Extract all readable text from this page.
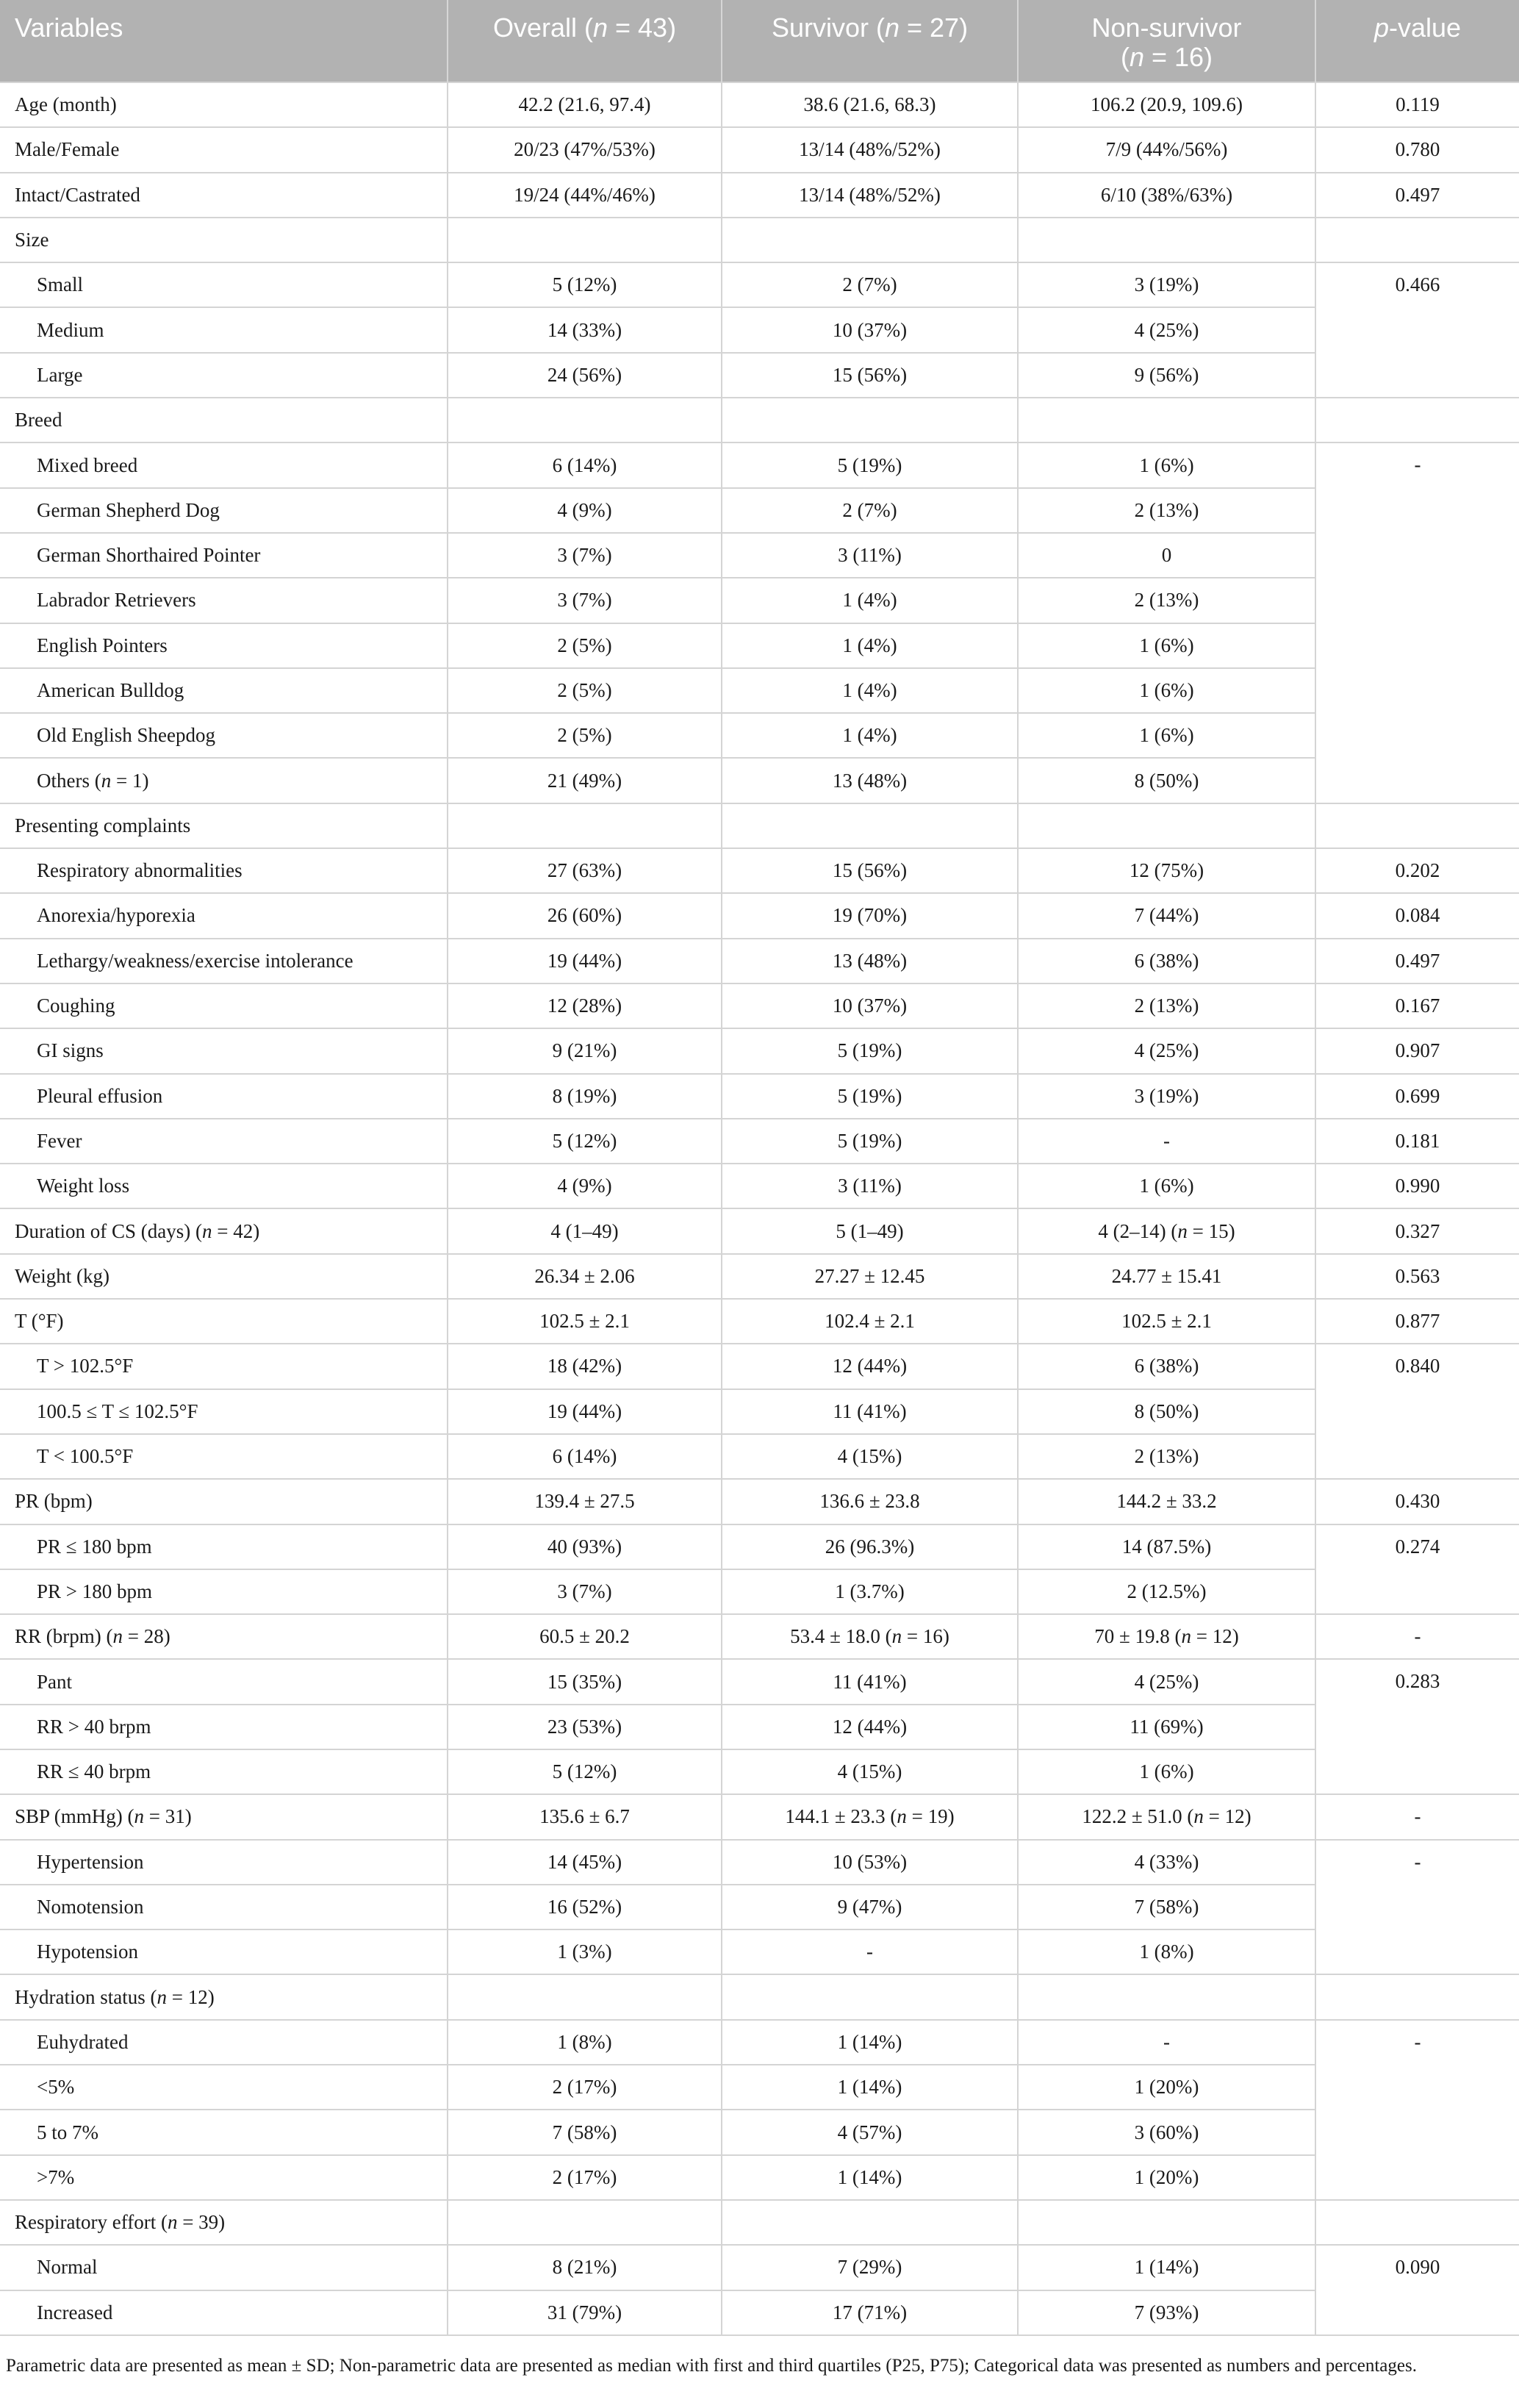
Variables	Overall (n = 43)	Survivor (n = 27)	Non-survivor
(n = 16)	p-value
Age (month)	42.2 (21.6, 97.4)	38.6 (21.6, 68.3)	106.2 (20.9, 109.6)	0.119
Male/Female	20/23 (47%/53%)	13/14 (48%/52%)	7/9 (44%/56%)	0.780
Intact/Castrated	19/24 (44%/46%)	13/14 (48%/52%)	6/10 (38%/63%)	0.497
Size				
Small	5 (12%)	2 (7%)	3 (19%)	0.466
Medium	14 (33%)	10 (37%)	4 (25%)	
Large	24 (56%)	15 (56%)	9 (56%)	
Breed				
Mixed breed	6 (14%)	5 (19%)	1 (6%)	-
German Shepherd Dog	4 (9%)	2 (7%)	2 (13%)	
German Shorthaired Pointer	3 (7%)	3 (11%)	0	
Labrador Retrievers	3 (7%)	1 (4%)	2 (13%)	
English Pointers	2 (5%)	1 (4%)	1 (6%)	
American Bulldog	2 (5%)	1 (4%)	1 (6%)	
Old English Sheepdog	2 (5%)	1 (4%)	1 (6%)	
Others (n = 1)	21 (49%)	13 (48%)	8 (50%)	
Presenting complaints				
Respiratory abnormalities	27 (63%)	15 (56%)	12 (75%)	0.202
Anorexia/hyporexia	26 (60%)	19 (70%)	7 (44%)	0.084
Lethargy/weakness/exercise intolerance	19 (44%)	13 (48%)	6 (38%)	0.497
Coughing	12 (28%)	10 (37%)	2 (13%)	0.167
GI signs	9 (21%)	5 (19%)	4 (25%)	0.907
Pleural effusion	8 (19%)	5 (19%)	3 (19%)	0.699
Fever	5 (12%)	5 (19%)	-	0.181
Weight loss	4 (9%)	3 (11%)	1 (6%)	0.990
Duration of CS (days) (n = 42)	4 (1–49)	5 (1–49)	4 (2–14) (n = 15)	0.327
Weight (kg)	26.34 ± 2.06	27.27 ± 12.45	24.77 ± 15.41	0.563
T (°F)	102.5 ± 2.1	102.4 ± 2.1	102.5 ± 2.1	0.877
T > 102.5°F	18 (42%)	12 (44%)	6 (38%)	0.840
100.5 ≤ T ≤ 102.5°F	19 (44%)	11 (41%)	8 (50%)	
T < 100.5°F	6 (14%)	4 (15%)	2 (13%)	
PR (bpm)	139.4 ± 27.5	136.6 ± 23.8	144.2 ± 33.2	0.430
PR ≤ 180 bpm	40 (93%)	26 (96.3%)	14 (87.5%)	0.274
PR > 180 bpm	3 (7%)	1 (3.7%)	2 (12.5%)	
RR (brpm) (n = 28)	60.5 ± 20.2	53.4 ± 18.0 (n = 16)	70 ± 19.8 (n = 12)	-
Pant	15 (35%)	11 (41%)	4 (25%)	0.283
RR > 40 brpm	23 (53%)	12 (44%)	11 (69%)	
RR ≤ 40 brpm	5 (12%)	4 (15%)	1 (6%)	
SBP (mmHg) (n = 31)	135.6 ± 6.7	144.1 ± 23.3 (n = 19)	122.2 ± 51.0 (n = 12)	-
Hypertension	14 (45%)	10 (53%)	4 (33%)	-
Nomotension	16 (52%)	9 (47%)	7 (58%)	
Hypotension	1 (3%)	-	1 (8%)	
Hydration status (n = 12)				
Euhydrated	1 (8%)	1 (14%)	-	-
<5%	2 (17%)	1 (14%)	1 (20%)	
5 to 7%	7 (58%)	4 (57%)	3 (60%)	
>7%	2 (17%)	1 (14%)	1 (20%)	
Respiratory effort (n = 39)				
Normal	8 (21%)	7 (29%)	1 (14%)	0.090
Increased	31 (79%)	17 (71%)	7 (93%)	
Parametric data are presented as mean ± SD; Non-parametric data are presented as median with first and third quartiles (P25, P75); Categorical data was presented as numbers and percentages.
